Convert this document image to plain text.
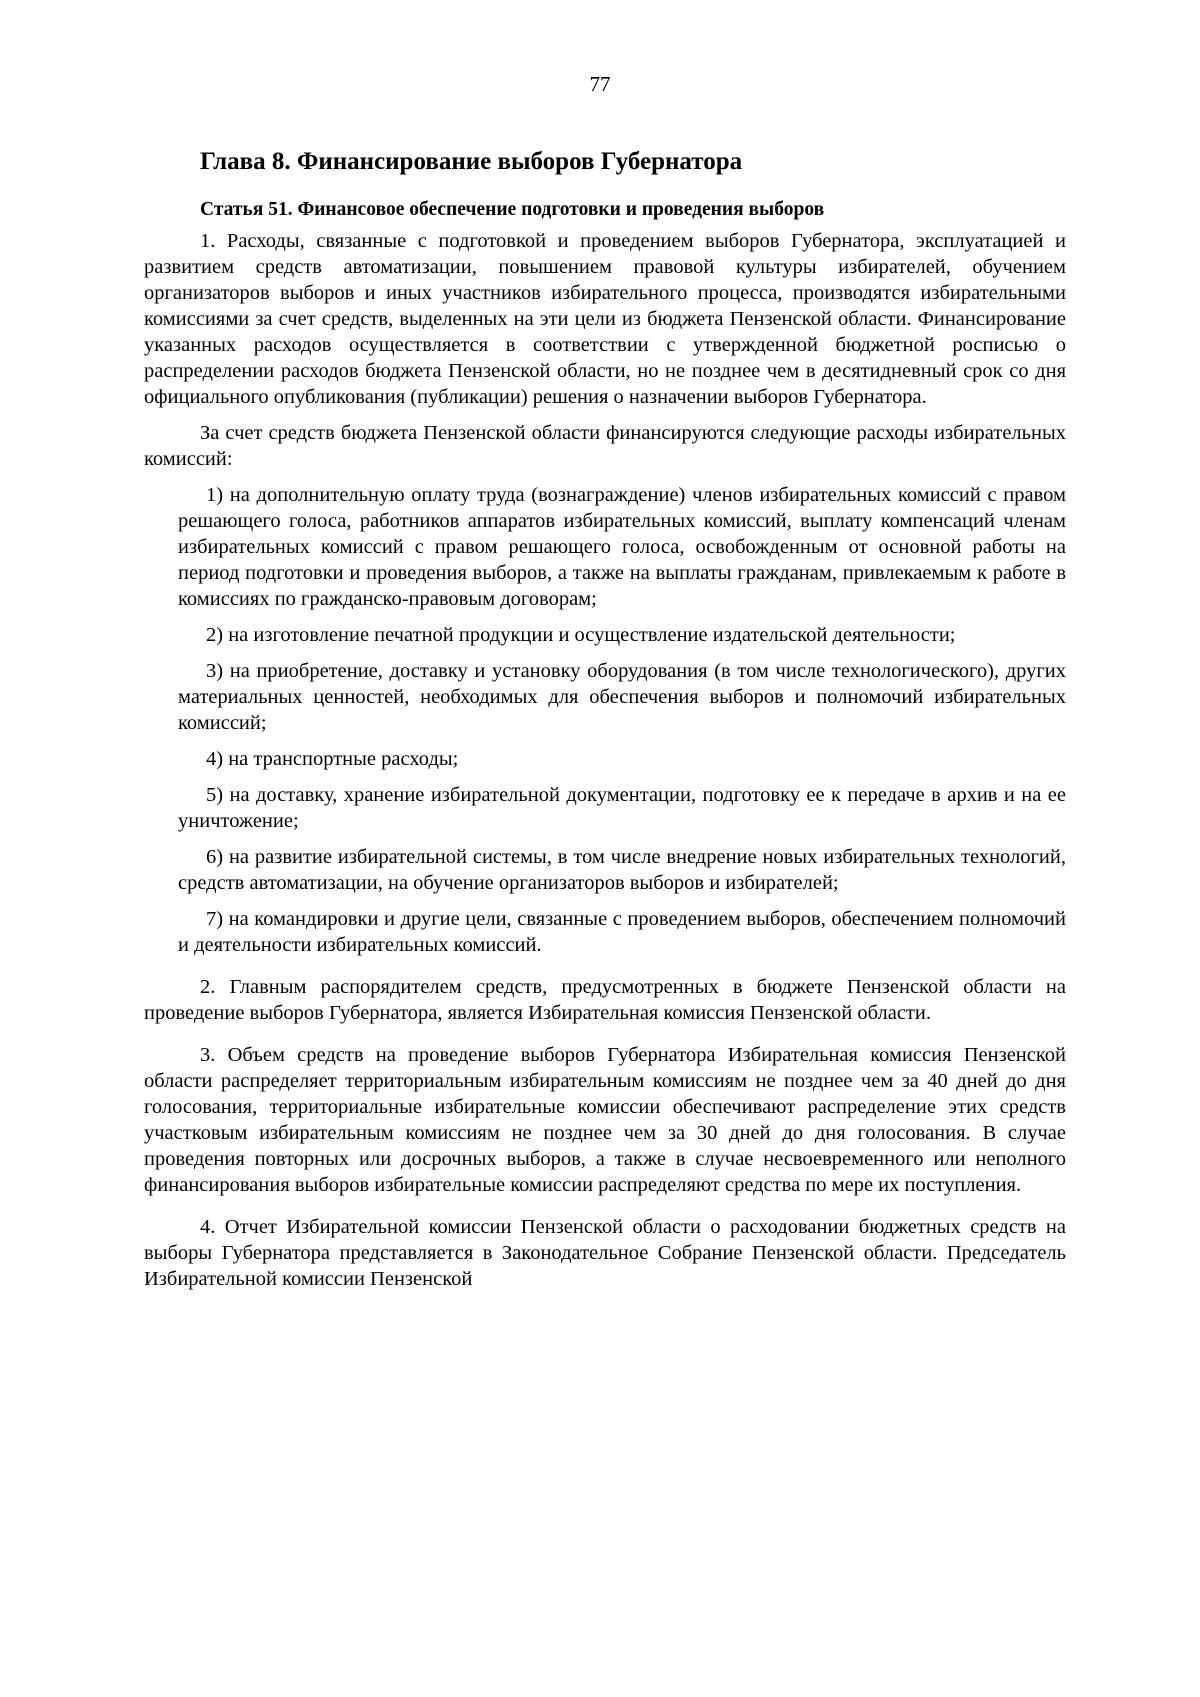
77
Глава 8. Финансирование выборов Губернатора
Статья 51. Финансовое обеспечение подготовки и проведения выборов

1. Расходы, связанные с подготовкой и проведением выборов Губернатора, эксплуатацией и развитием средств автоматизации, повышением правовой культуры избирателей, обучением организаторов выборов и иных участников избирательного процесса, производятся избирательными комиссиями за счет средств, выделенных на эти цели из бюджета Пензенской области. Финансирование указанных расходов осуществляется в соответствии с утвержденной бюджетной росписью о распределении расходов бюджета Пензенской области, но не позднее чем в десятидневный срок со дня официального опубликования (публикации) решения о назначении выборов Губернатора.

За счет средств бюджета Пензенской области финансируются следующие расходы избирательных комиссий:

1) на дополнительную оплату труда (вознаграждение) членов избирательных комиссий с правом решающего голоса, работников аппаратов избирательных комиссий, выплату компенсаций членам избирательных комиссий с правом решающего голоса, освобожденным от основной работы на период подготовки и проведения выборов, а также на выплаты гражданам, привлекаемым к работе в комиссиях по гражданско-правовым договорам;

2) на изготовление печатной продукции и осуществление издательской деятельности;

3) на приобретение, доставку и установку оборудования (в том числе технологического), других материальных ценностей, необходимых для обеспечения выборов и полномочий избирательных комиссий;

4) на транспортные расходы;

5) на доставку, хранение избирательной документации, подготовку ее к передаче в архив и на ее уничтожение;

6) на развитие избирательной системы, в том числе внедрение новых избирательных технологий, средств автоматизации, на обучение организаторов выборов и избирателей;

7) на командировки и другие цели, связанные с проведением выборов, обеспечением полномочий и деятельности избирательных комиссий.

2. Главным распорядителем средств, предусмотренных в бюджете Пензенской области на проведение выборов Губернатора, является Избирательная комиссия Пензенской области.

3. Объем средств на проведение выборов Губернатора Избирательная комиссия Пензенской области распределяет территориальным избирательным комиссиям не позднее чем за 40 дней до дня голосования, территориальные избирательные комиссии обеспечивают распределение этих средств участковым избирательным комиссиям не позднее чем за 30 дней до дня голосования. В случае проведения повторных или досрочных выборов, а также в случае несвоевременного или неполного финансирования выборов избирательные комиссии распределяют средства по мере их поступления.

4. Отчет Избирательной комиссии Пензенской области о расходовании бюджетных средств на выборы Губернатора представляется в Законодательное Собрание Пензенской области. Председатель Избирательной комиссии Пензенской
